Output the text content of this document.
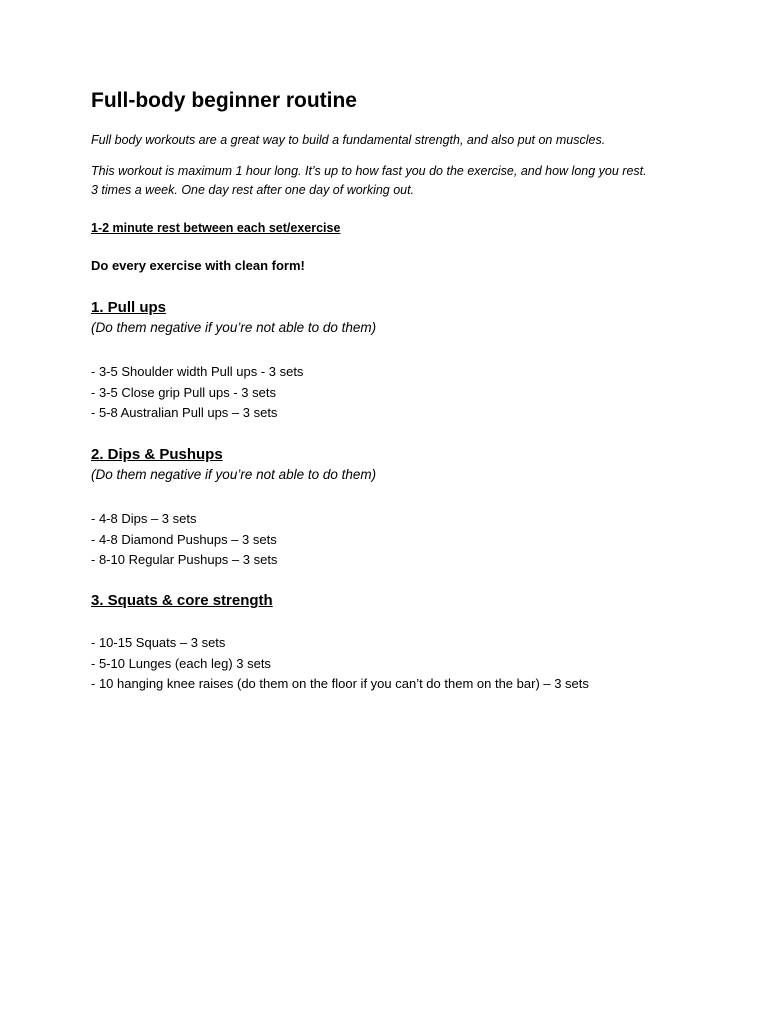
Full-body beginner routine
Full body workouts are a great way to build a fundamental strength, and also put on muscles.
This workout is maximum 1 hour long. It’s up to how fast you do the exercise, and how long you rest.
3 times a week. One day rest after one day of working out.
1-2 minute rest between each set/exercise
Do every exercise with clean form!
1. Pull ups
(Do them negative if you’re not able to do them)
- 3-5 Shoulder width Pull ups - 3 sets
- 3-5 Close grip Pull ups - 3 sets
- 5-8 Australian Pull ups – 3 sets
2. Dips & Pushups
(Do them negative if you’re not able to do them)
- 4-8 Dips – 3 sets
- 4-8 Diamond Pushups – 3 sets
- 8-10 Regular Pushups – 3 sets
3. Squats & core strength
- 10-15 Squats – 3 sets
- 5-10 Lunges (each leg) 3 sets
- 10 hanging knee raises (do them on the floor if you can’t do them on the bar) – 3 sets
